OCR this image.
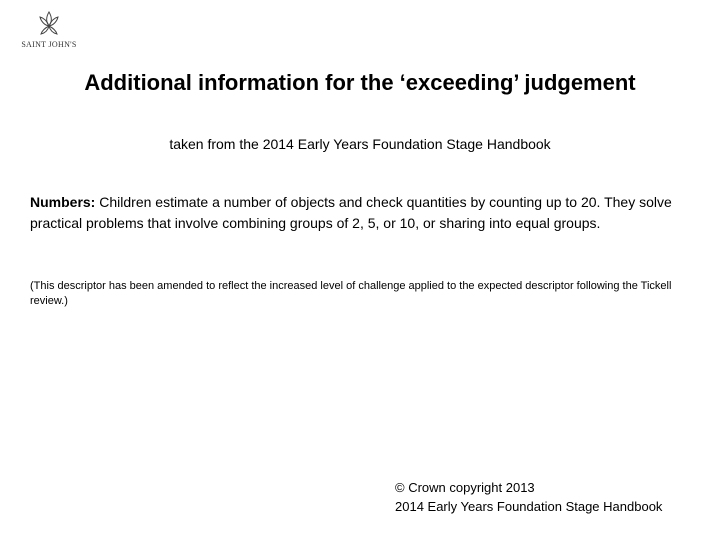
SAINT JOHN'S
Additional information for the ‘exceeding’ judgement
taken from the 2014 Early Years Foundation Stage Handbook
Numbers: Children estimate a number of objects and check quantities by counting up to 20. They solve practical problems that involve combining groups of 2, 5, or 10, or sharing into equal groups.
(This descriptor has been amended to reflect the increased level of challenge applied to the expected descriptor following the Tickell review.)
© Crown copyright 2013
2014 Early Years Foundation Stage Handbook
